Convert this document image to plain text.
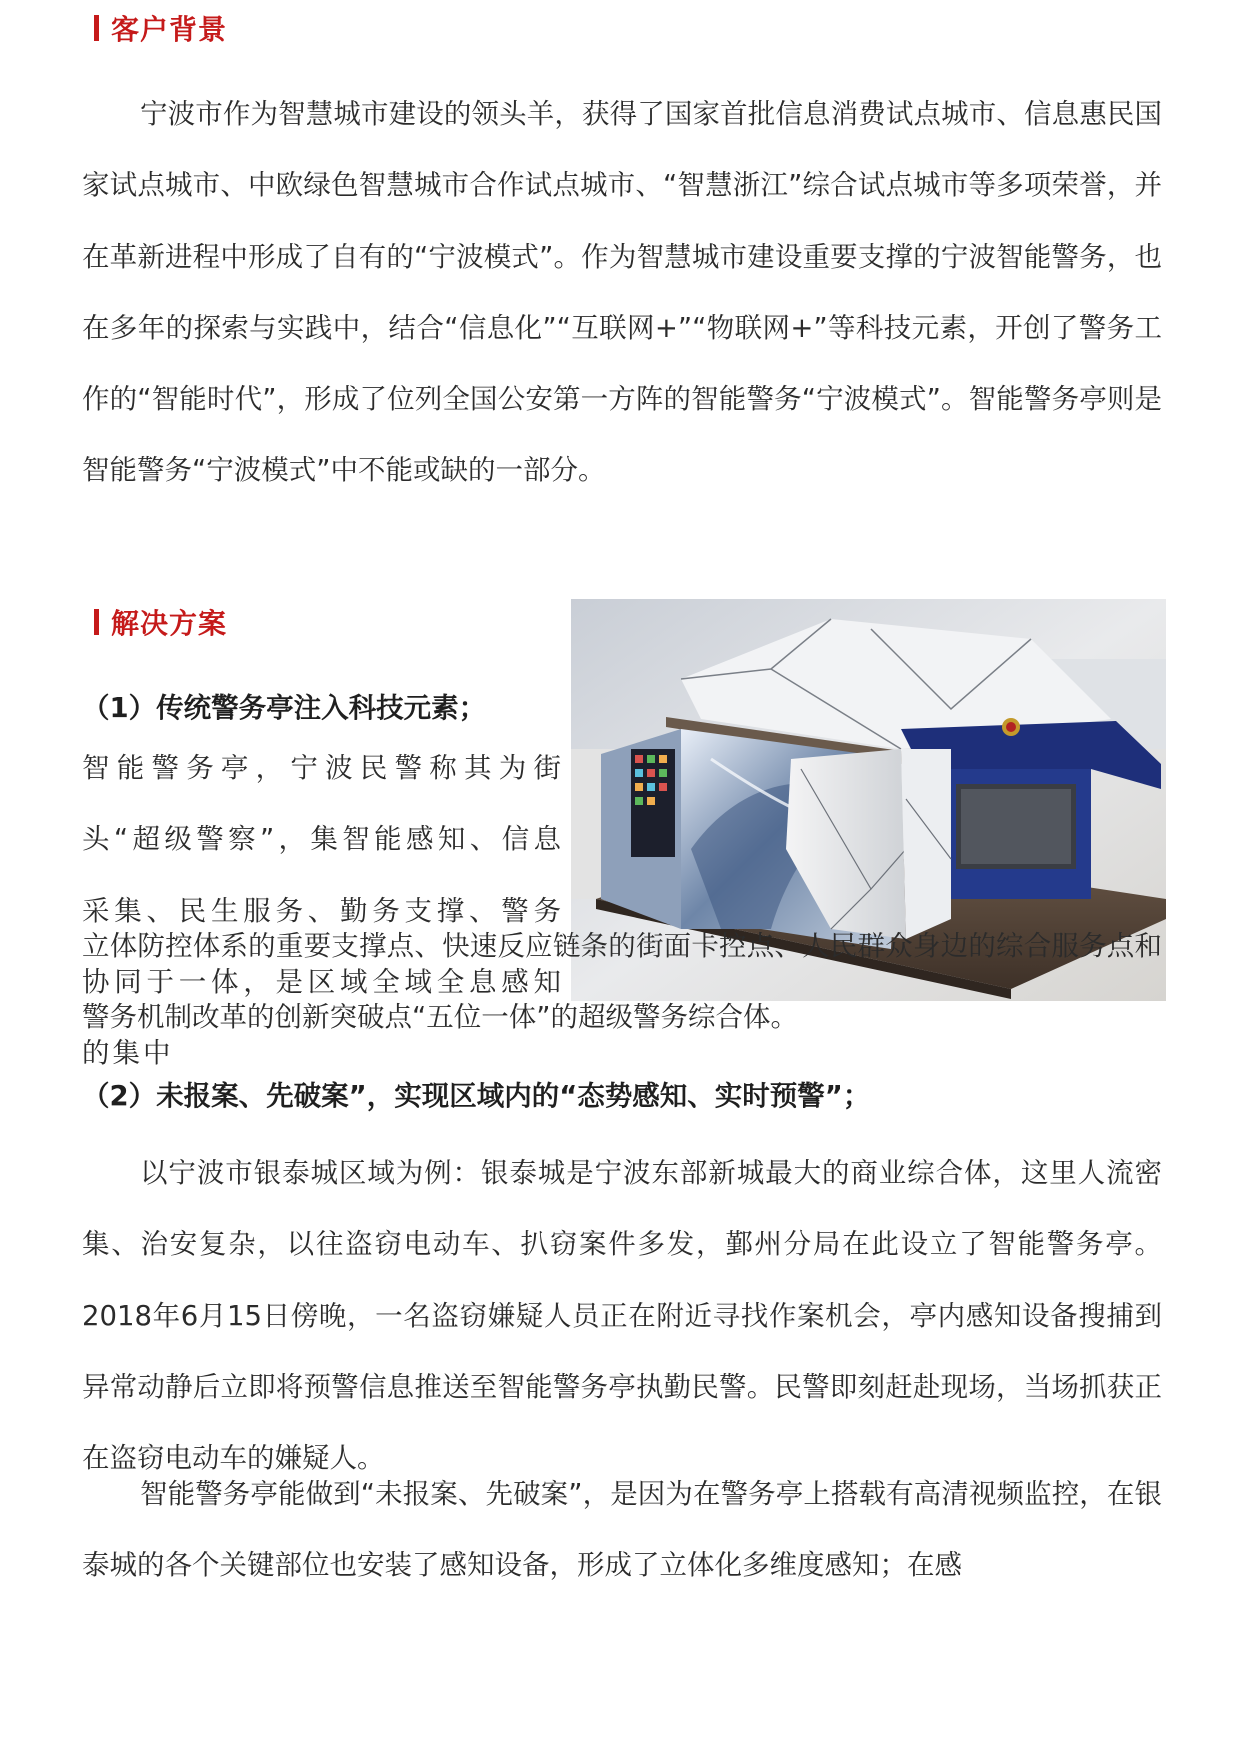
客户背景

宁波市作为智慧城市建设的领头羊，获得了国家首批信息消费试点城市、信息惠民国家试点城市、中欧绿色智慧城市合作试点城市、“智慧浙江”综合试点城市等多项荣誉，并在革新进程中形成了自有的“宁波模式”。作为智慧城市建设重要支撑的宁波智能警务，也在多年的探索与实践中，结合“信息化”“互联网+”“物联网+”等科技元素，开创了警务工作的“智能时代”，形成了位列全国公安第一方阵的智能警务“宁波模式”。智能警务亭则是智能警务“宁波模式”中不能或缺的一部分。

解决方案

（1）传统警务亭注入科技元素；

智能警务亭，宁波民警称其为街头“超级警察”，集智能感知、信息采集、民生服务、勤务支撑、警务协同于一体，是区域全域全息感知的集中

立体防控体系的重要支撑点、快速反应链条的街面卡控点、人民群众身边的综合服务点和警务机制改革的创新突破点“五位一体”的超级警务综合体。

（2）未报案、先破案”，实现区域内的“态势感知、实时预警”；

以宁波市银泰城区域为例：银泰城是宁波东部新城最大的商业综合体，这里人流密集、治安复杂，以往盗窃电动车、扒窃案件多发，鄞州分局在此设立了智能警务亭。2018年6月15日傍晚，一名盗窃嫌疑人员正在附近寻找作案机会，亭内感知设备搜捕到异常动静后立即将预警信息推送至智能警务亭执勤民警。民警即刻赶赴现场，当场抓获正在盗窃电动车的嫌疑人。

智能警务亭能做到“未报案、先破案”，是因为在警务亭上搭载有高清视频监控，在银泰城的各个关键部位也安装了感知设备，形成了立体化多维度感知；在感
